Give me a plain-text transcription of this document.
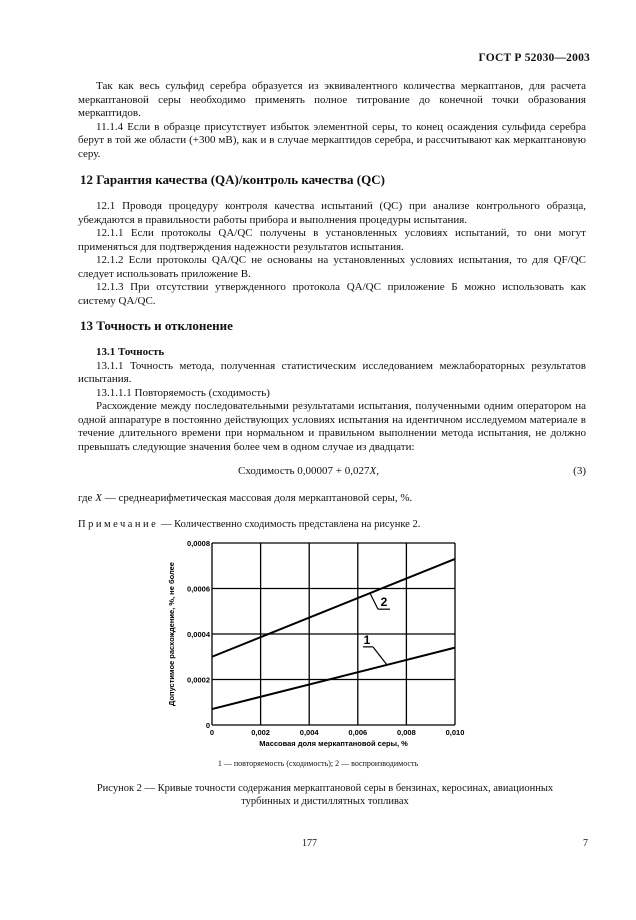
ГОСТ Р 52030—2003

Так как весь сульфид серебра образуется из эквивалентного количества меркаптанов, для расчета меркаптановой серы необходимо применять полное титрование до конечной точки образования меркаптидов.

11.1.4 Если в образце присутствует избыток элементной серы, то конец осаждения сульфида серебра берут в той же области (+300 мВ), как и в случае меркаптидов серебра, и рассчитывают как меркаптановую серу.

12 Гарантия качества (QA)/контроль качества (QC)

12.1 Проводя процедуру контроля качества испытаний (QC) при анализе контрольного образца, убеждаются в правильности работы прибора и выполнения процедуры испытания.

12.1.1 Если протоколы QA/QC получены в установленных условиях испытаний, то они могут применяться для подтверждения надежности результатов испытания.

12.1.2 Если протоколы QA/QC не основаны на установленных условиях испытания, то для QF/QC следует использовать приложение В.

12.1.3 При отсутствии утвержденного протокола QA/QC приложение Б можно использовать как систему QA/QC.

13 Точность и отклонение

13.1 Точность

13.1.1 Точность метода, полученная статистическим исследованием межлабораторных результатов испытания.

13.1.1.1 Повторяемость (сходимость)

Расхождение между последовательными результатами испытания, полученными одним оператором на одной аппаратуре в постоянно действующих условиях испытания на идентичном исследуемом материале в течение длительного времени при нормальном и правильном выполнении метода испытания, не должно превышать следующие значения более чем в одном случае из двадцати:

Сходимость 0,00007 + 0,027X,	(3)
где X — среднеарифметическая массовая доля меркаптановой серы, %.
Примечание — Количественно сходимость представлена на рисунке 2.
0	0,002	0,004	0,006	0,008	0,010
0
0,0002
0,0004
0,0006
0,0008
Массовая доля меркаптановой серы, %
Допустимое расхождение, %, не более	1
2
1 — повторяемость (сходимость); 2 — воспроизводимость
Рисунок 2 — Кривые точности содержания меркаптановой серы в бензинах, керосинах, авиационных турбинных и дистиллятных топливах
177	7
